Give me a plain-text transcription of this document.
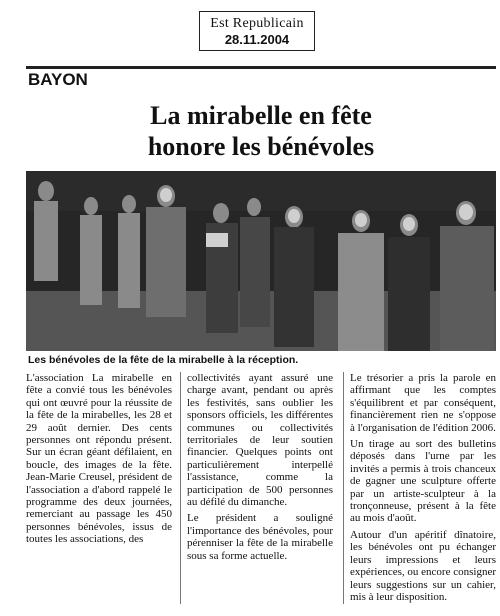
Est Republicain
28.11.2004
BAYON
La mirabelle en fête
honore les bénévoles
Les bénévoles de la fête de la mirabelle à la réception.

L'association La mirabelle en fête a convié tous les bénévoles qui ont œuvré pour la réussite de la fête de la mirabelles, les 28 et 29 août dernier. Des cents personnes ont répondu présent. Sur un écran géant défilaient, en boucle, des images de la fête. Jean-Marie Creusel, président de l'association a d'abord rappelé le programme des deux journées, remerciant au passage les 450 personnes bénévoles, issus de toutes les associations, des

collectivités ayant assuré une charge avant, pendant ou après les festivités, sans oublier les sponsors officiels, les différentes communes ou collectivités territoriales de leur soutien financier. Quelques points ont particulièrement interpellé l'assistance, comme la participation de 500 personnes au défilé du dimanche.

Le président a souligné l'importance des bénévoles, pour pérenniser la fête de la mirabelle sous sa forme actuelle.

Le trésorier a pris la parole en affirmant que les comptes s'équilibrent et par conséquent, financièrement rien ne s'oppose à l'organisation de l'édition 2006.

Un tirage au sort des bulletins déposés dans l'urne par les invités a permis à trois chanceux de gagner une sculpture offerte par un artiste-sculpteur à la tronçonneuse, présent à la fête au mois d'août.

Autour d'un apéritif dînatoire, les bénévoles ont pu échanger leurs impressions et leurs expériences, ou encore consigner leurs suggestions sur un cahier, mis à leur disposition.
